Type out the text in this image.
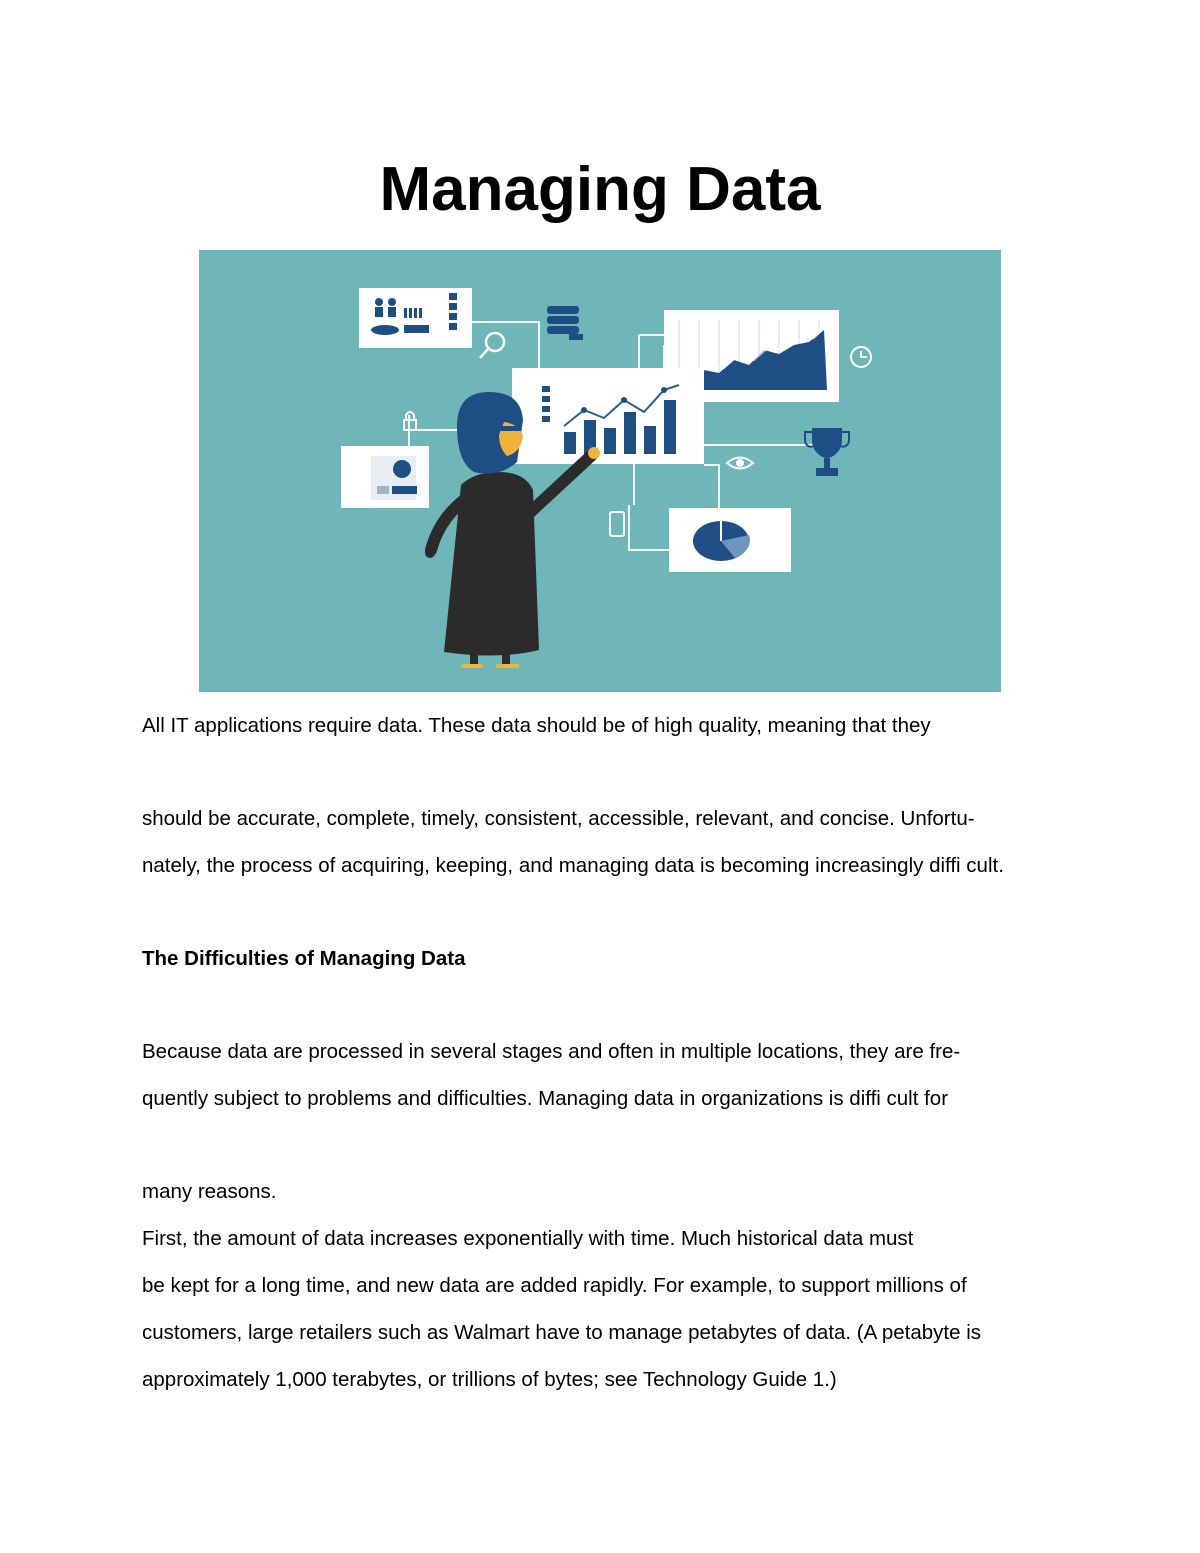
Managing Data
All IT applications require data. These data should be of high quality, meaning that they
should be accurate, complete, timely, consistent, accessible, relevant, and concise. Unfortu-
nately, the process of acquiring, keeping, and managing data is becoming increasingly diffi cult.
The Difficulties of Managing Data
Because data are processed in several stages and often in multiple locations, they are fre-
quently subject to problems and difficulties. Managing data in organizations is diffi cult for
many reasons.
First, the amount of data increases exponentially with time. Much historical data must
be kept for a long time, and new data are added rapidly. For example, to support millions of
customers, large retailers such as Walmart have to manage petabytes of data. (A petabyte is
approximately 1,000 terabytes, or trillions of bytes; see Technology Guide 1.)
